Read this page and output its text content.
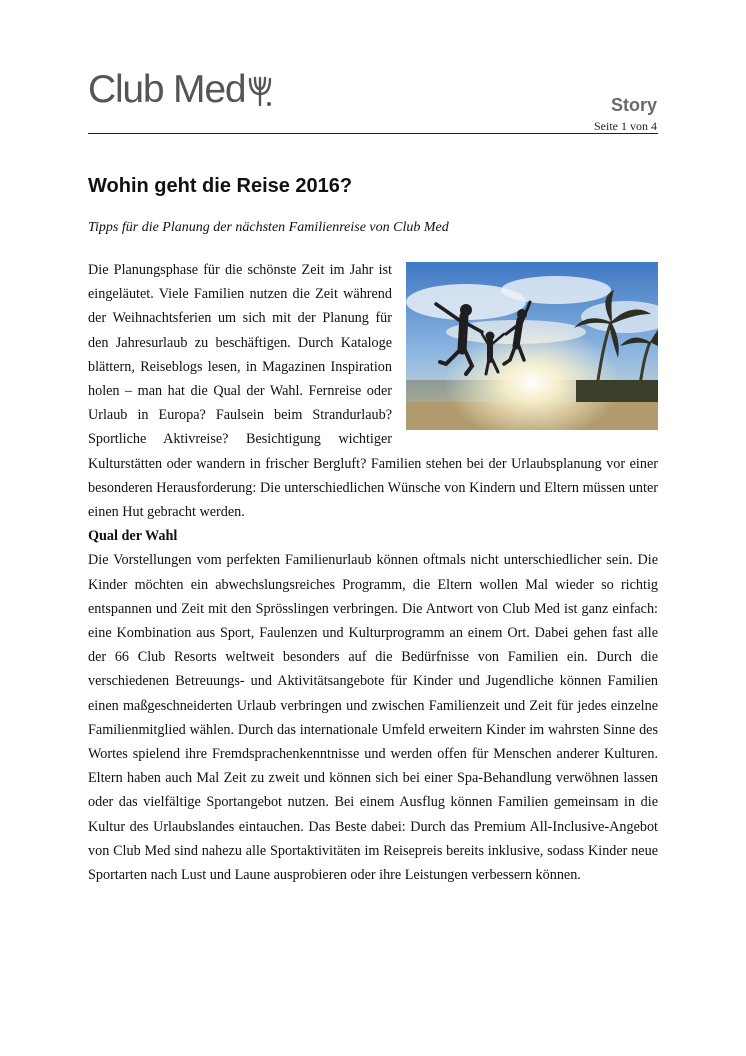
Club Med	Story
Seite 1 von 4
Wohin geht die Reise 2016?

Tipps für die Planung der nächsten Familienreise von Club Med

Die Planungsphase für die schönste Zeit im Jahr ist eingeläutet. Viele Familien nutzen die Zeit während der Weihnachtsferien um sich mit der Planung für den Jahresurlaub zu beschäftigen. Durch Kataloge blättern, Reiseblogs lesen, in Magazinen Inspiration holen – man hat die Qual der Wahl. Fernreise oder Urlaub in Europa? Faulsein beim Strandurlaub? Sportliche Aktivreise? Besichtigung wichtiger Kulturstätten oder wandern in frischer Bergluft? Familien stehen bei der Urlaubsplanung vor einer besonderen Herausforderung: Die unterschiedlichen Wünsche von Kindern und Eltern müssen unter einen Hut gebracht werden.

Qual der Wahl

Die Vorstellungen vom perfekten Familienurlaub können oftmals nicht unterschiedlicher sein. Die Kinder möchten ein abwechslungsreiches Programm, die Eltern wollen Mal wieder so richtig entspannen und Zeit mit den Sprösslingen verbringen. Die Antwort von Club Med ist ganz einfach: eine Kombination aus Sport, Faulenzen und Kulturprogramm an einem Ort. Dabei gehen fast alle der 66 Club Resorts weltweit besonders auf die Bedürfnisse von Familien ein. Durch die verschiedenen Betreuungs- und Aktivitätsangebote für Kinder und Jugendliche können Familien einen maßgeschneiderten Urlaub verbringen und zwischen Familienzeit und Zeit für jedes einzelne Familienmitglied wählen. Durch das internationale Umfeld erweitern Kinder im wahrsten Sinne des Wortes spielend ihre Fremdsprachenkenntnisse und werden offen für Menschen anderer Kulturen. Eltern haben auch Mal Zeit zu zweit und können sich bei einer Spa-Behandlung verwöhnen lassen oder das vielfältige Sportangebot nutzen. Bei einem Ausflug können Familien gemeinsam in die Kultur des Urlaubslandes eintauchen. Das Beste dabei: Durch das Premium All-Inclusive-Angebot von Club Med sind nahezu alle Sportaktivitäten im Reisepreis bereits inklusive, sodass Kinder neue Sportarten nach Lust und Laune ausprobieren oder ihre Leistungen verbessern können.
